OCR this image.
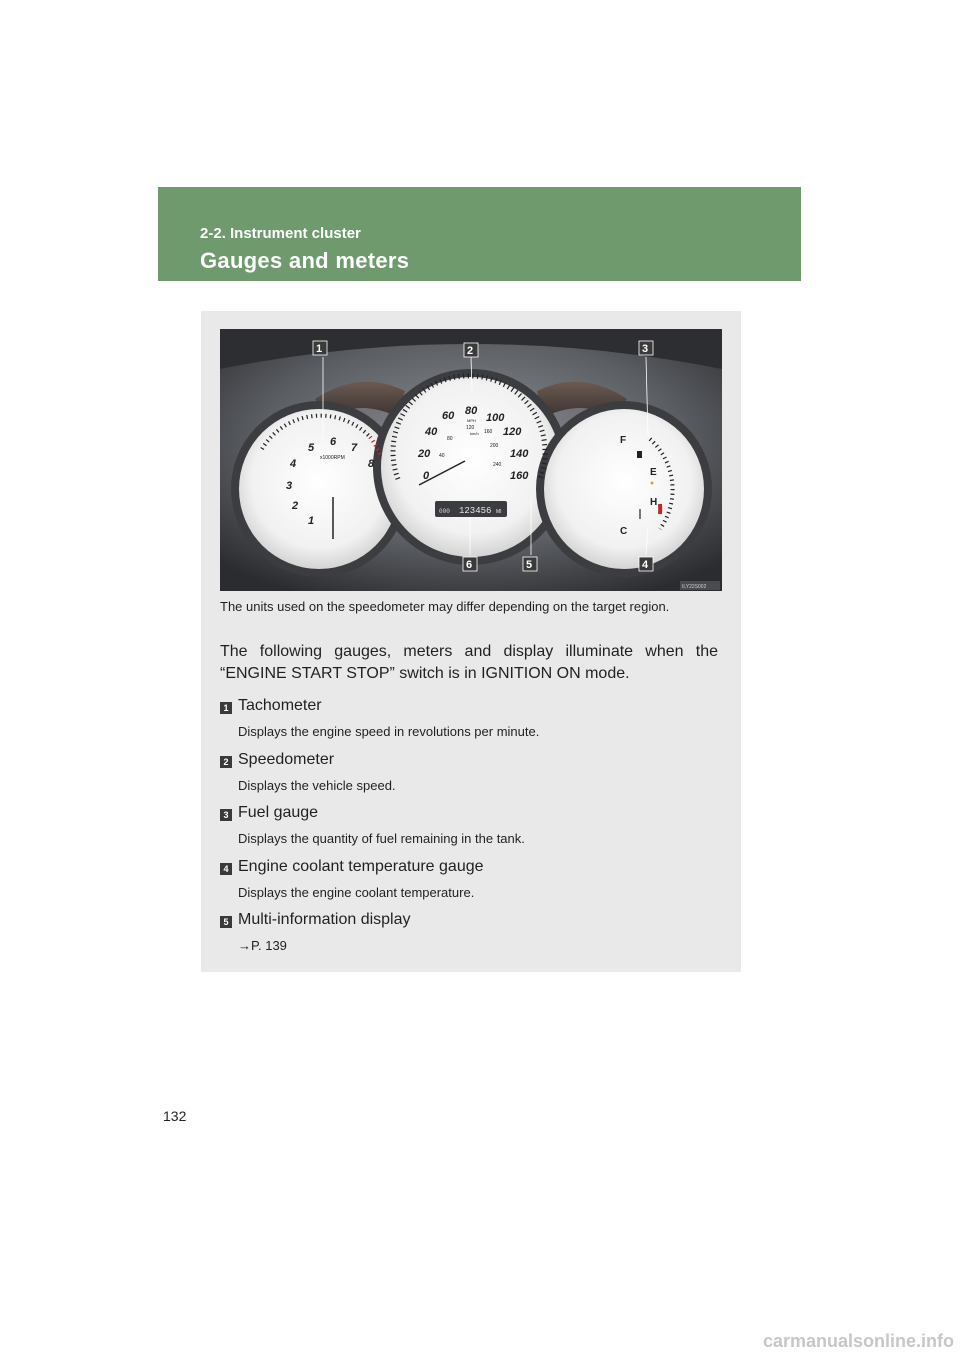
2-2. Instrument cluster
Gauges and meters
1
2
3
4
5 6 7
8
x1000RPM
0
20
40
60 80
100
120
140
160
40
80
120
160
200
240
MPH
km/h
000 123456 MI
F
E
H
C
1	2	3
4
5
6
ILY22S002
The units used on the speedometer may differ depending on the target region.
The following gauges, meters and display illuminate when the “ENGINE START STOP” switch is in IGNITION ON mode.
1 Tachometer
Displays the engine speed in revolutions per minute.
2 Speedometer
Displays the vehicle speed.
3 Fuel gauge
Displays the quantity of fuel remaining in the tank.
4 Engine coolant temperature gauge
Displays the engine coolant temperature.
5 Multi-information display
→P. 139
132
carmanualsonline.info
